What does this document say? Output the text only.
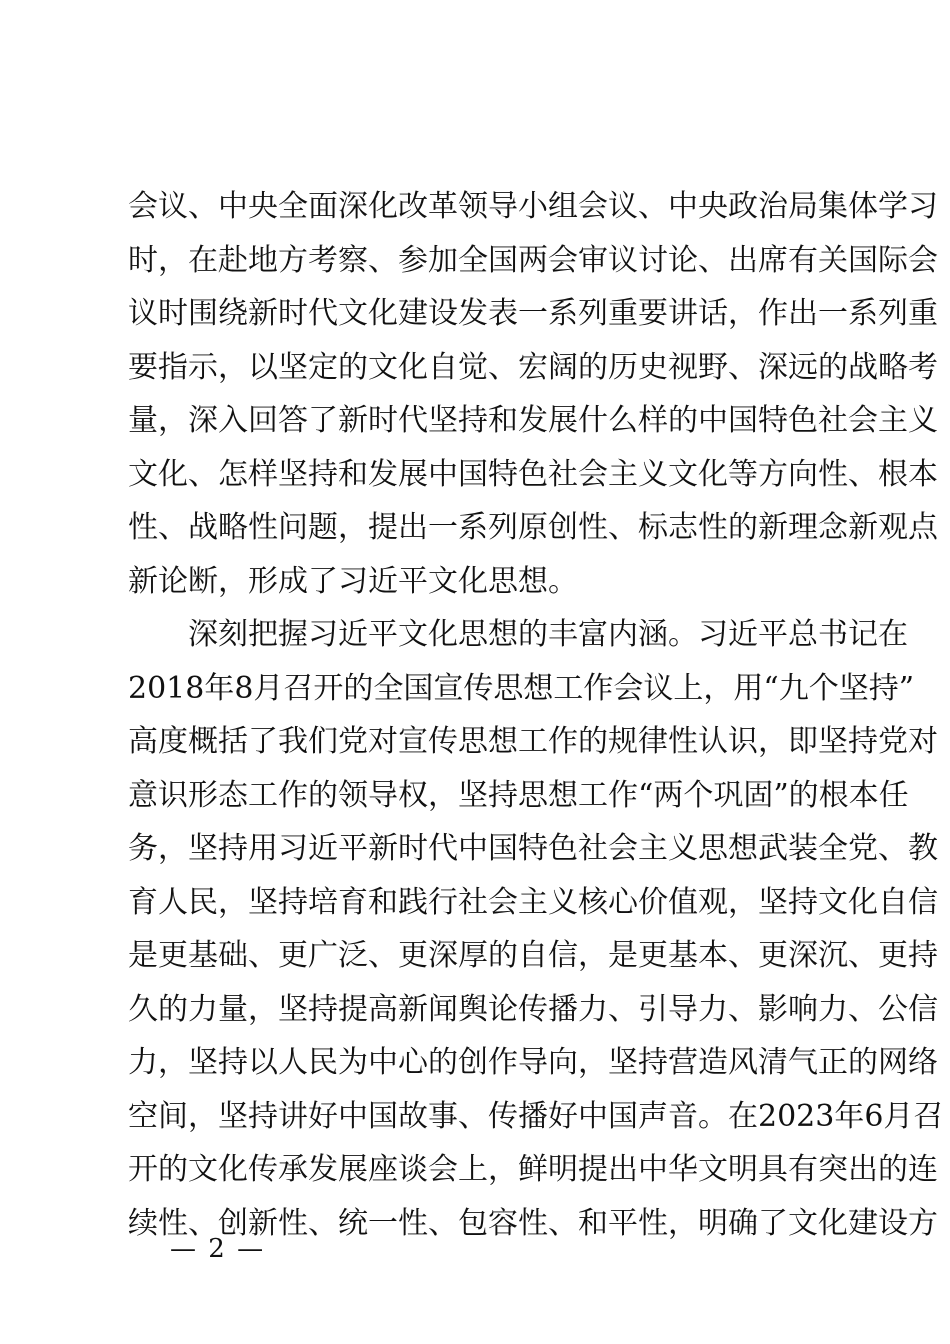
会议、中央全面深化改革领导小组会议、中央政治局集体学习
时，在赴地方考察、参加全国两会审议讨论、出席有关国际会
议时围绕新时代文化建设发表一系列重要讲话，作出一系列重
要指示，以坚定的文化自觉、宏阔的历史视野、深远的战略考
量，深入回答了新时代坚持和发展什么样的中国特色社会主义
文化、怎样坚持和发展中国特色社会主义文化等方向性、根本
性、战略性问题，提出一系列原创性、标志性的新理念新观点
新论断，形成了习近平文化思想。
深刻把握习近平文化思想的丰富内涵。习近平总书记在
2018年8月召开的全国宣传思想工作会议上，用“九个坚持”
高度概括了我们党对宣传思想工作的规律性认识，即坚持党对
意识形态工作的领导权，坚持思想工作“两个巩固”的根本任
务，坚持用习近平新时代中国特色社会主义思想武装全党、教
育人民，坚持培育和践行社会主义核心价值观，坚持文化自信
是更基础、更广泛、更深厚的自信，是更基本、更深沉、更持
久的力量，坚持提高新闻舆论传播力、引导力、影响力、公信
力，坚持以人民为中心的创作导向，坚持营造风清气正的网络
空间，坚持讲好中国故事、传播好中国声音。在2023年6月召
开的文化传承发展座谈会上，鲜明提出中华文明具有突出的连
续性、创新性、统一性、包容性、和平性，明确了文化建设方
— 2 —
